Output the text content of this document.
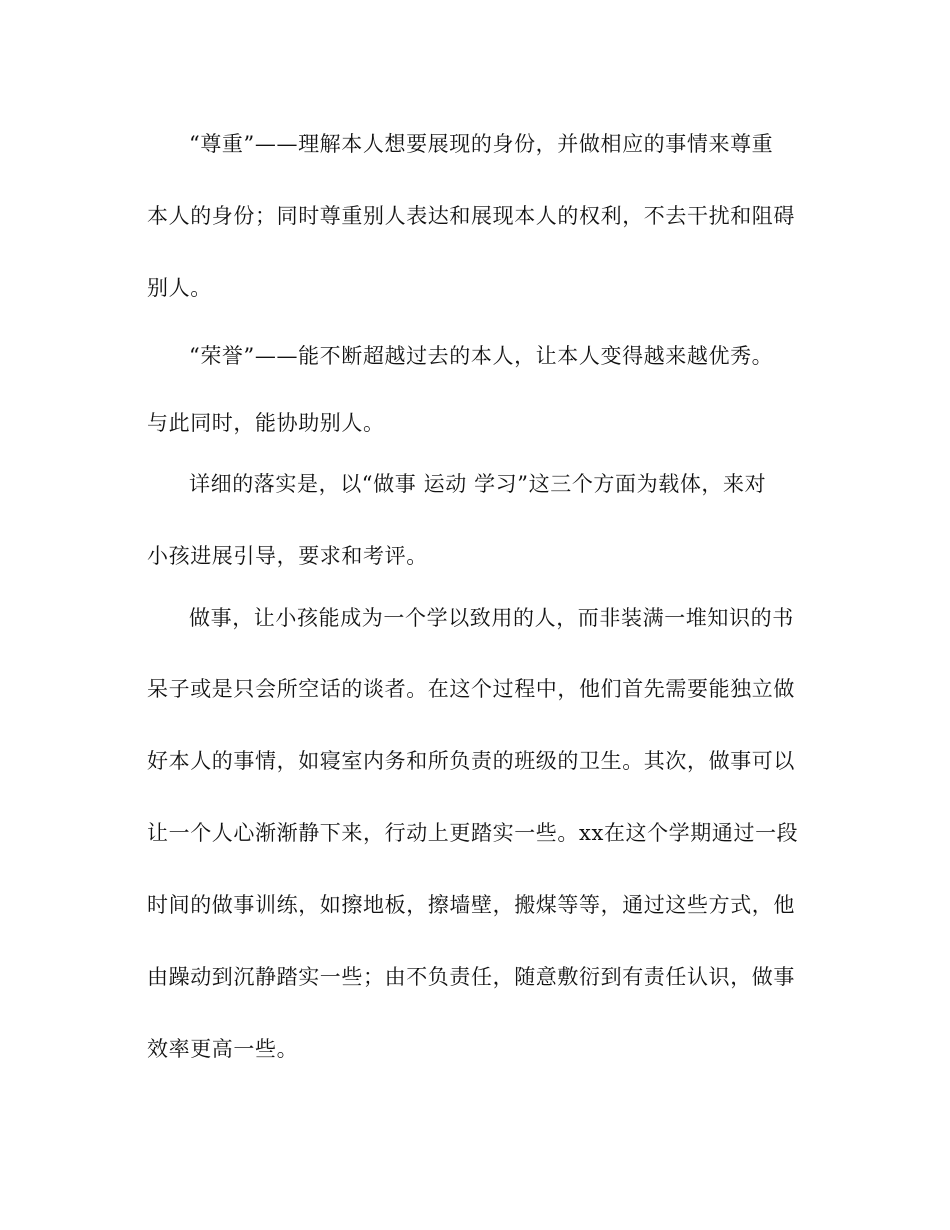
“尊重”——理解本人想要展现的身份，并做相应的事情来尊重
本人的身份；同时尊重别人表达和展现本人的权利，不去干扰和阻碍
别人。
“荣誉”——能不断超越过去的本人，让本人变得越来越优秀。
与此同时，能协助别人。
详细的落实是，以“做事 运动 学习”这三个方面为载体，来对
小孩进展引导，要求和考评。
做事，让小孩能成为一个学以致用的人，而非装满一堆知识的书
呆子或是只会所空话的谈者。在这个过程中，他们首先需要能独立做
好本人的事情，如寝室内务和所负责的班级的卫生。其次，做事可以
让一个人心渐渐静下来，行动上更踏实一些。xx在这个学期通过一段
时间的做事训练，如擦地板，擦墙壁，搬煤等等，通过这些方式，他
由躁动到沉静踏实一些；由不负责任，随意敷衍到有责任认识，做事
效率更高一些。
